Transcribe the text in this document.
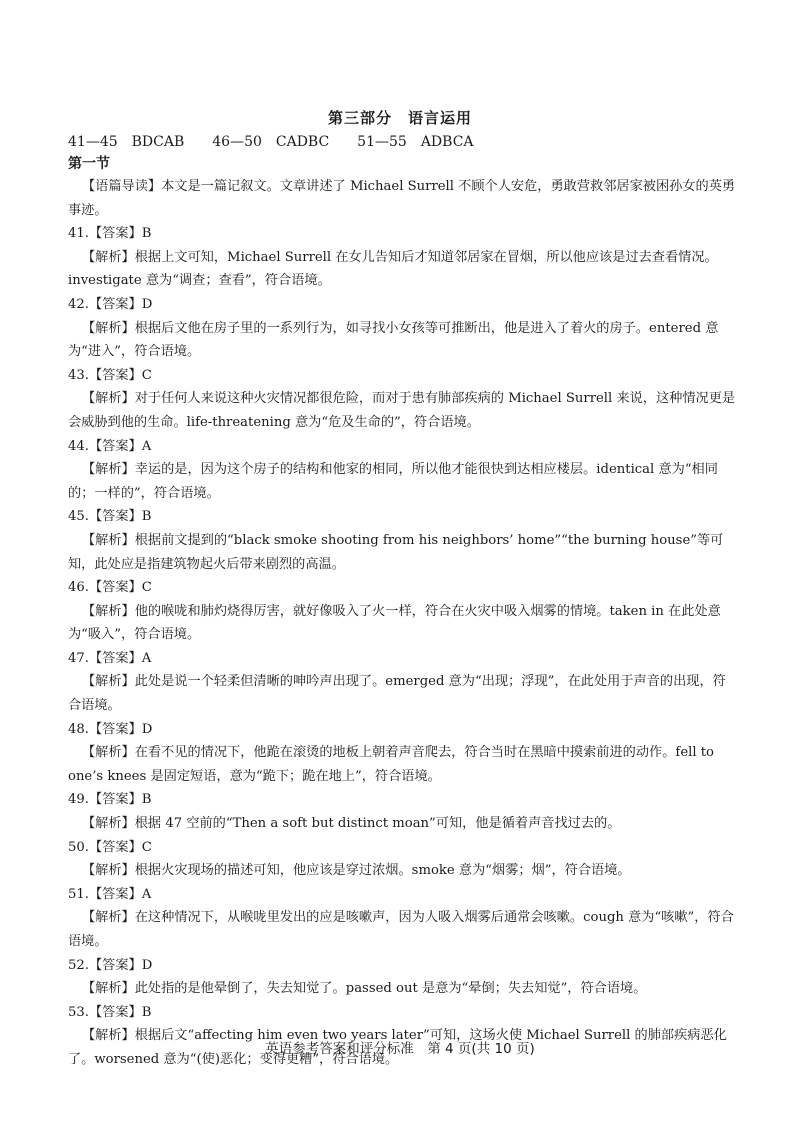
第三部分　语言运用
41—45　BDCAB　　46—50　CADBC　　51—55　ADBCA
第一节

【语篇导读】本文是一篇记叙文。文章讲述了 Michael Surrell 不顾个人安危，勇敢营救邻居家被困孙女的英勇事迹。

41.【答案】B

【解析】根据上文可知，Michael Surrell 在女儿告知后才知道邻居家在冒烟，所以他应该是过去查看情况。investigate 意为“调查；查看”，符合语境。

42.【答案】D

【解析】根据后文他在房子里的一系列行为，如寻找小女孩等可推断出，他是进入了着火的房子。entered 意为“进入”，符合语境。

43.【答案】C

【解析】对于任何人来说这种火灾情况都很危险，而对于患有肺部疾病的 Michael Surrell 来说，这种情况更是会威胁到他的生命。life-threatening 意为“危及生命的”，符合语境。

44.【答案】A

【解析】幸运的是，因为这个房子的结构和他家的相同，所以他才能很快到达相应楼层。identical 意为“相同的；一样的”，符合语境。

45.【答案】B

【解析】根据前文提到的“black smoke shooting from his neighbors’ home”“the burning house”等可知，此处应是指建筑物起火后带来剧烈的高温。

46.【答案】C

【解析】他的喉咙和肺灼烧得厉害，就好像吸入了火一样，符合在火灾中吸入烟雾的情境。taken in 在此处意为“吸入”，符合语境。

47.【答案】A

【解析】此处是说一个轻柔但清晰的呻吟声出现了。emerged 意为“出现；浮现”，在此处用于声音的出现，符合语境。

48.【答案】D

【解析】在看不见的情况下，他跪在滚烫的地板上朝着声音爬去，符合当时在黑暗中摸索前进的动作。fell to one’s knees 是固定短语，意为“跪下；跪在地上”，符合语境。

49.【答案】B

【解析】根据 47 空前的“Then a soft but distinct moan”可知，他是循着声音找过去的。

50.【答案】C

【解析】根据火灾现场的描述可知，他应该是穿过浓烟。smoke 意为“烟雾；烟”，符合语境。

51.【答案】A

【解析】在这种情况下，从喉咙里发出的应是咳嗽声，因为人吸入烟雾后通常会咳嗽。cough 意为“咳嗽”，符合语境。

52.【答案】D

【解析】此处指的是他晕倒了，失去知觉了。passed out 是意为“晕倒；失去知觉”，符合语境。

53.【答案】B

【解析】根据后文“affecting him even two years later”可知，这场火使 Michael Surrell 的肺部疾病恶化了。worsened 意为“(使)恶化；变得更糟”，符合语境。

英语参考答案和评分标准　第 4 页(共 10 页)
